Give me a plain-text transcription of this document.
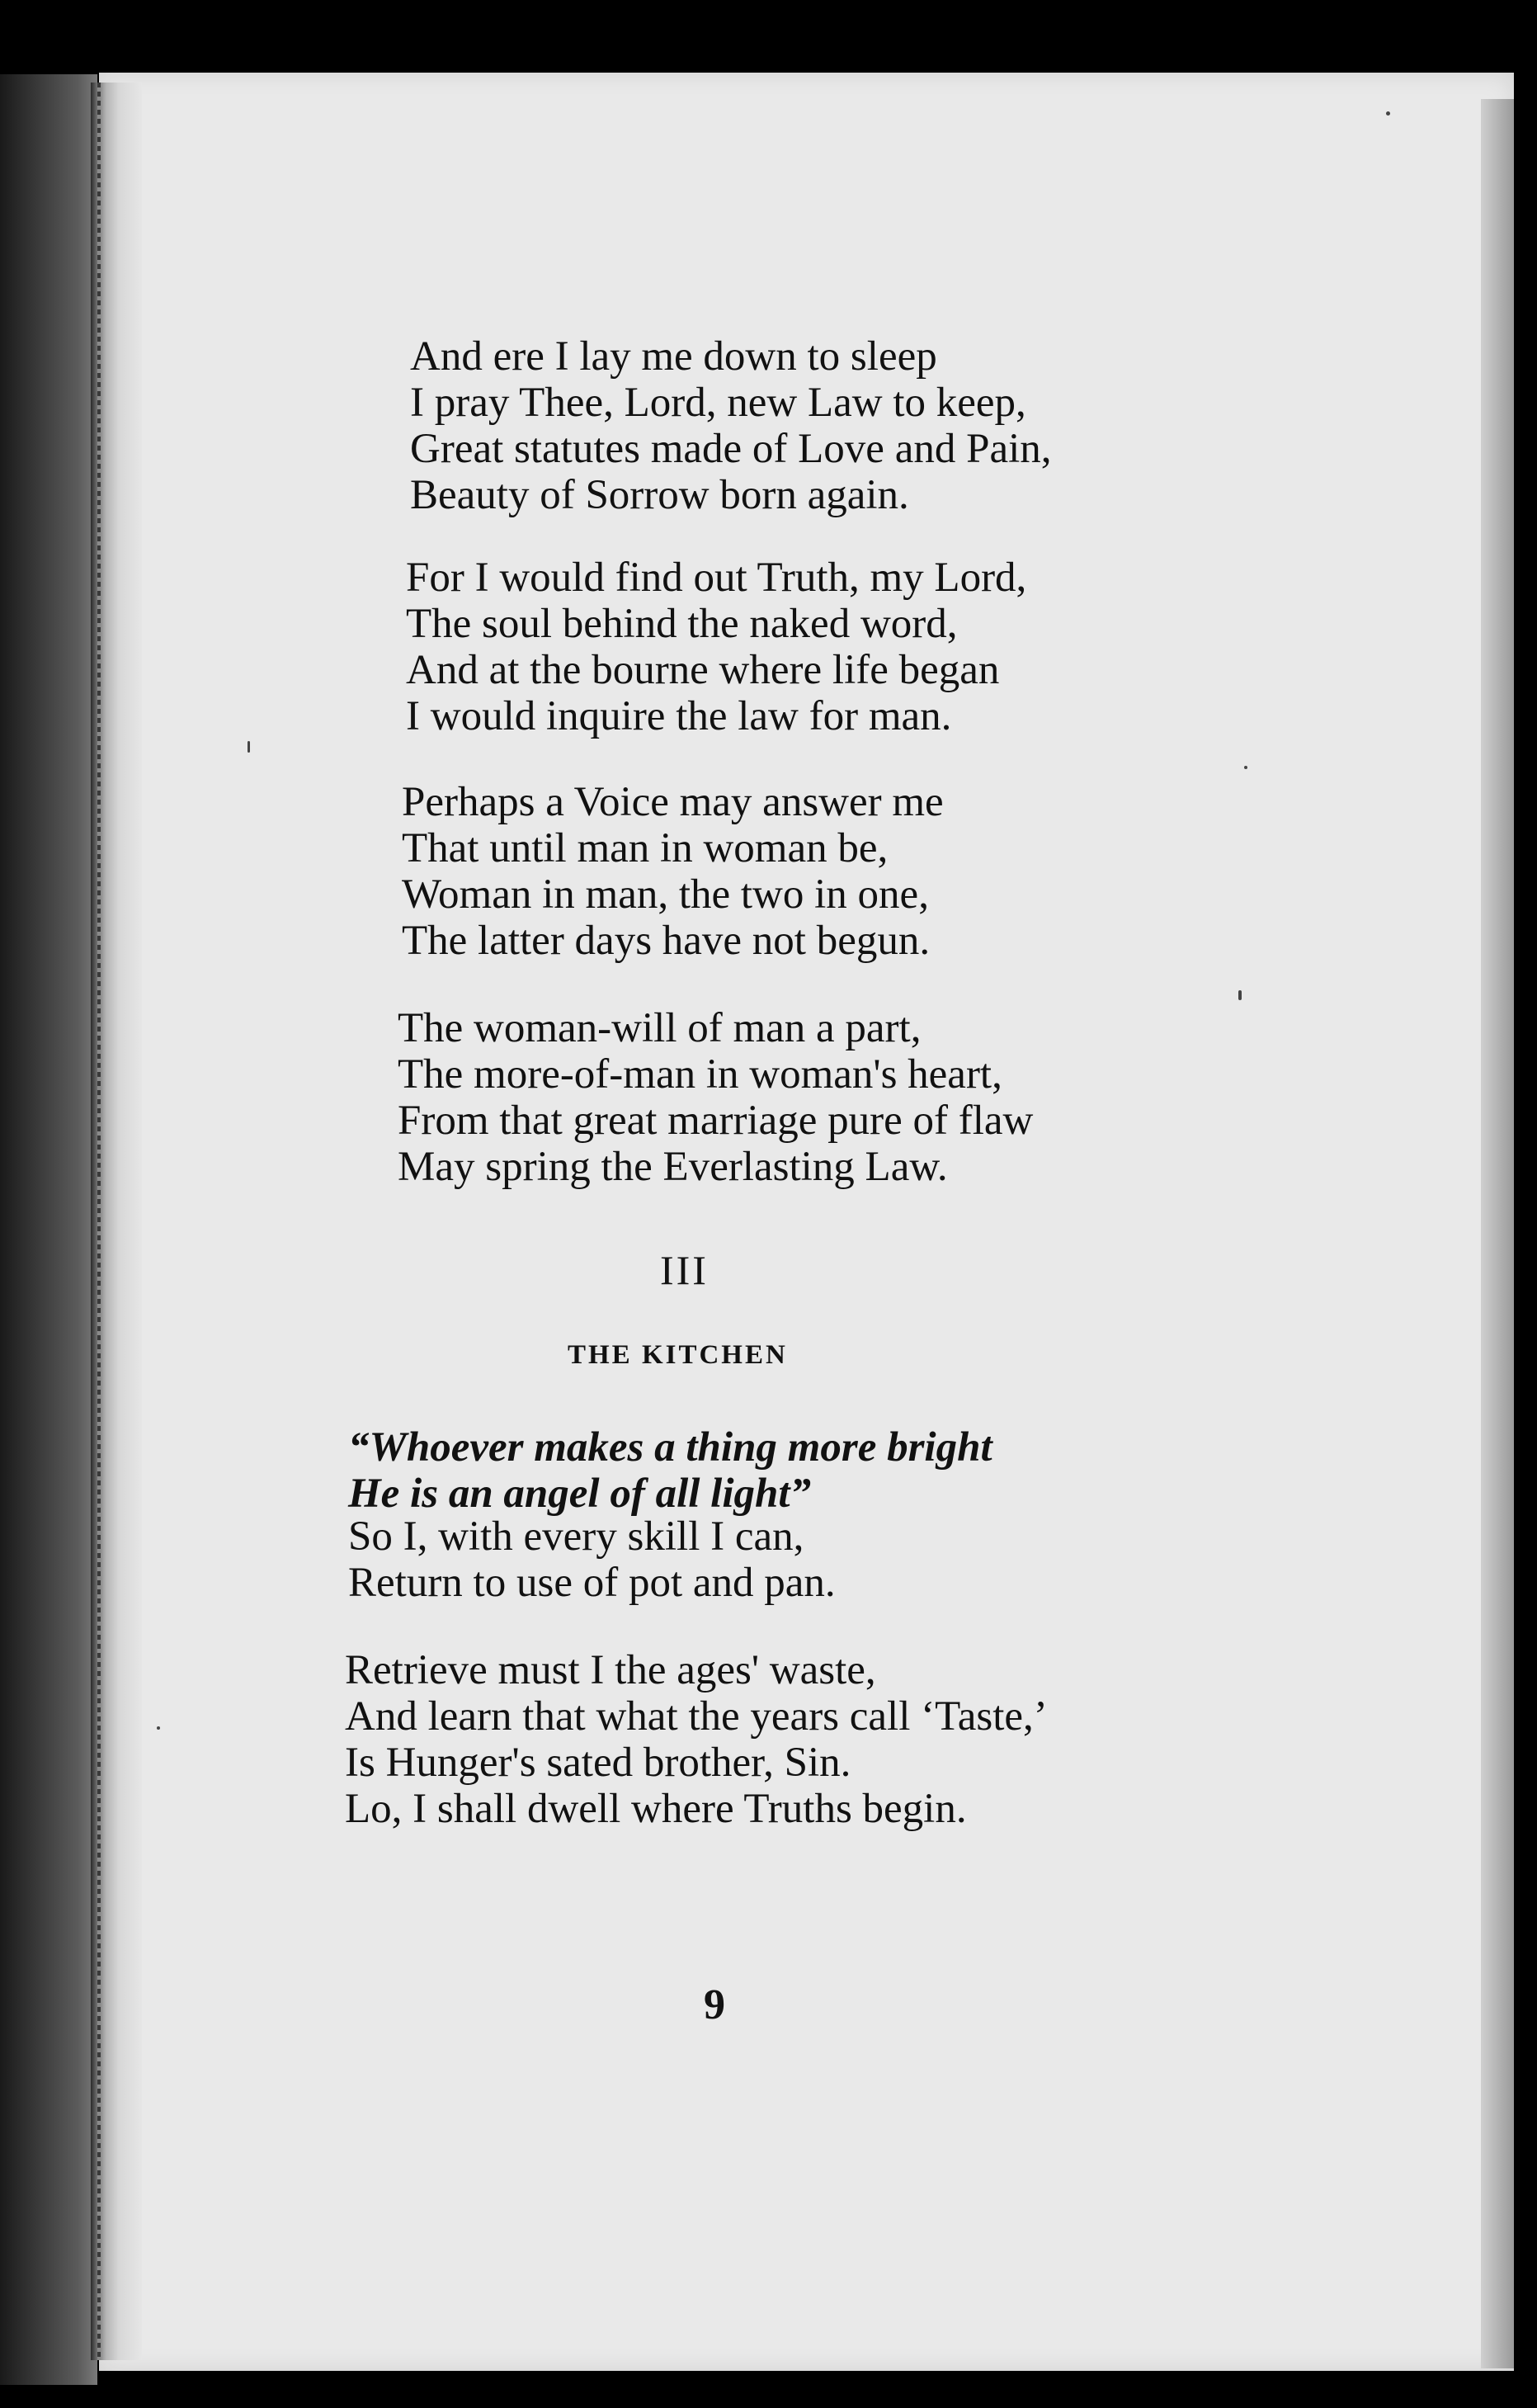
And ere I lay me down to sleep
I pray Thee, Lord, new Law to keep,
Great statutes made of Love and Pain,
Beauty of Sorrow born again.
For I would find out Truth, my Lord,
The soul behind the naked word,
And at the bourne where life began
I would inquire the law for man.
Perhaps a Voice may answer me
That until man in woman be,
Woman in man, the two in one,
The latter days have not begun.
The woman-will of man a part,
The more-of-man in woman's heart,
From that great marriage pure of flaw
May spring the Everlasting Law.
III
THE KITCHEN
“Whoever makes a thing more bright
He is an angel of all light”
So I, with every skill I can,
Return to use of pot and pan.
Retrieve must I the ages' waste,
And learn that what the years call ‘Taste,’
Is Hunger's sated brother, Sin.
Lo, I shall dwell where Truths begin.
9
